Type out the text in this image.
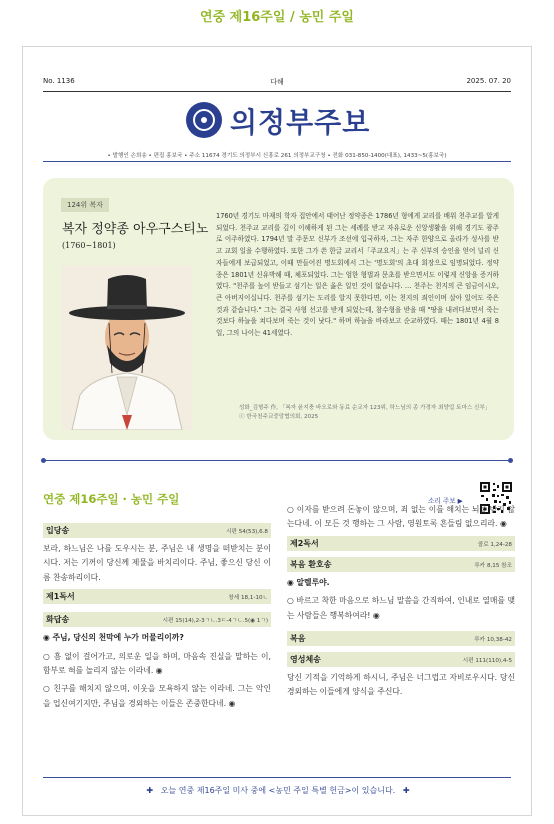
연중 제16주일 / 농민 주일
No. 1136	다해	2025. 07. 20
의정부주보
• 발행인 손희송 • 편집 홍보국 • 주소 11674 경기도 의정부시 신흥로 261 의정부교구청 • 전화 031-850-1400(대표), 1433~5(홍보국)
124위 복자
복자 정약종 아우구스티노
(1760~1801)
1760년 경기도 마재의 학자 집안에서 태어난 정약종은 1786년 형에게 교리를 배워 천주교를 알게 되었다. 천주교 교리를 깊이 이해하게 된 그는 세례를 받고 자유로운 신앙생활을 위해 경기도 광주로 이주하였다. 1794년 말 주문모 신부가 조선에 입국하자, 그는 자주 한양으로 올라가 성사를 받고 교회 일을 수행하였다. 또한 그가 쓴 한글 교리서「주교요지」는 주 신부의 승인을 얻어 널리 신자들에게 보급되었고, 이때 만들어진 명도회에서 그는 '명도회'의 초대 회장으로 임명되었다. 정약종은 1801년 신유박해 때, 체포되었다. 그는 엄한 형벌과 문초를 받으면서도 이렇게 신앙을 증거하였다. "천주를 높이 받들고 섬기는 일은 옳은 일인 것이 없습니다. … 천주는 천지의 큰 임금이시오, 큰 아버지이십니다. 천주를 섬기는 도리를 알지 못한다면, 이는 천지의 죄인이며 살아 있어도 죽은 것과 같습니다." 그는 결국 사형 선고를 받게 되었는데, 참수형을 받을 때 "땅을 내려다보면서 죽는 것보다 하늘을 쳐다보며 죽는 것이 낫다." 하며 하늘을 바라보고 순교하였다. 때는 1801년 4월 8일, 그의 나이는 41세였다.
성화_김형주 作, 「복자 윤지충 바오로와 동료 순교자 123위, 하느님의 종 가경자 최양업 토마스 신부」
ⓒ 한국천주교중앙협의회, 2025
연중 제16주일 · 농민 주일	소리 주보 ▶
입당송	시편 54(53),6.8

보라, 하느님은 나를 도우시는 분, 주님은 내 생명을 떠받치는 분이시다. 저는 기꺼이 당신께 제물을 바치리이다. 주님, 좋으신 당신 이름 찬송하리이다.

제1독서	창세 18,1-10ㄴ
화답송	시편 15(14),2-3ㄱㄴ.3ㄷ-4ㄱㄴ.5(◉ 1ㄱ)

◉ 주님, 당신의 천막에 누가 머물리이까?

○ 흠 없이 걸어가고, 의로운 일을 하며, 마음속 진실을 말하는 이, 함부로 혀를 놀리지 않는 이라네. ◉

○ 친구를 해치지 않으며, 이웃을 모욕하지 않는 이라네. 그는 악인을 업신여기지만, 주님을 경외하는 이들은 존중한다네. ◉

○ 이자를 받으려 돈놓이 않으며, 죄 없는 이를 해치는 뇌물 받지 않는다네. 이 모든 것 행하는 그 사람, 영원토록 흔들림 없으리라. ◉

제2독서	콜로 1,24-28
복음 환호송	루카 8,15 참조

◉ 알렐루야.

○ 바르고 착한 마음으로 하느님 말씀을 간직하여, 인내로 열매를 맺는 사람들은 행복하여라! ◉

복음	루카 10,38-42
영성체송	시편 111(110),4-5

당신 기적을 기억하게 하시니, 주님은 너그럽고 자비로우시다. 당신 경외하는 이들에게 양식을 주신다.

✚ 오늘 연중 제16주일 미사 중에 <농민 주일 특별 헌금>이 있습니다. ✚
